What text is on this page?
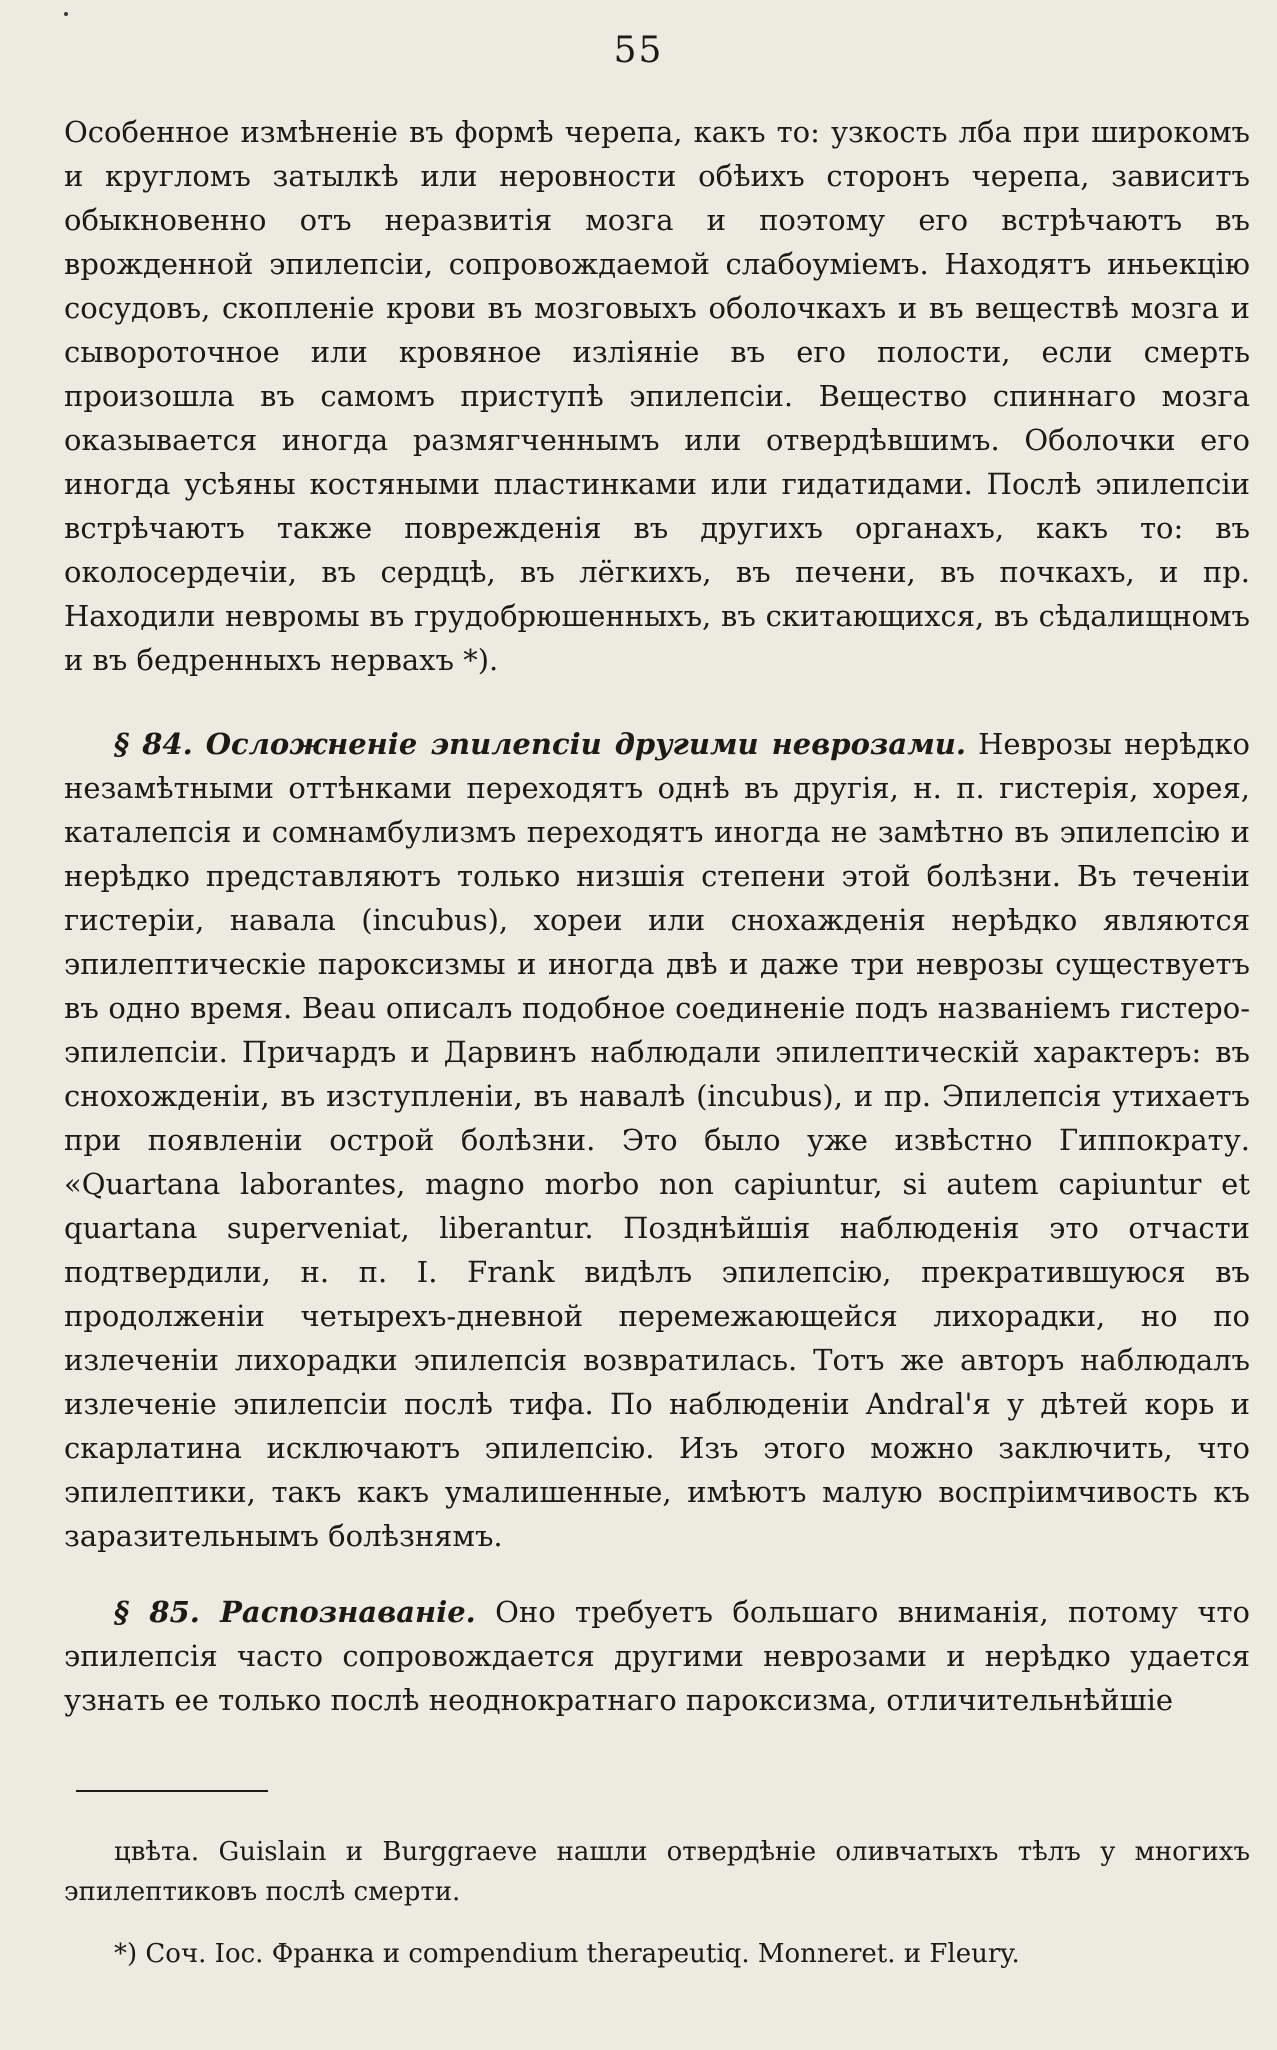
55

Особенное измѣненіе въ формѣ черепа, какъ то: узкость лба при широкомъ и кругломъ затылкѣ или неровности обѣихъ сторонъ черепа, зависитъ обыкновенно отъ неразвитія мозга и поэтому его встрѣчаютъ въ врожденной эпилепсіи, сопровождаемой слабоуміемъ. Находятъ иньекцію сосудовъ, скопленіе крови въ мозговыхъ оболочкахъ и въ веществѣ мозга и сывороточное или кровяное изліяніе въ его полости, если смерть произошла въ самомъ приступѣ эпилепсіи. Вещество спиннаго мозга оказывается иногда размягченнымъ или отвердѣвшимъ. Оболочки его иногда усѣяны костяными пластинками или гидатидами. Послѣ эпилепсіи встрѣчаютъ также поврежденія въ другихъ органахъ, какъ то: въ околосердечіи, въ сердцѣ, въ лёгкихъ, въ печени, въ почкахъ, и пр. Находили невромы въ грудобрюшенныхъ, въ скитающихся, въ сѣдалищномъ и въ бедренныхъ нервахъ *).

§ 84. Осложненіе эпилепсіи другими неврозами. Неврозы нерѣдко незамѣтными оттѣнками переходятъ однѣ въ другія, н. п. гистерія, хорея, каталепсія и сомнамбулизмъ переходятъ иногда не замѣтно въ эпилепсію и нерѣдко представляютъ только низшія степени этой болѣзни. Въ теченіи гистеріи, навала (incubus), хореи или снохажденія нерѣдко являются эпилептическіе пароксизмы и иногда двѣ и даже три неврозы существуетъ въ одно время. Веаu описалъ подобное соединеніе подъ названіемъ гистеро-эпилепсіи. Причардъ и Дарвинъ наблюдали эпилептическій характеръ: въ снохожденіи, въ изступленіи, въ навалѣ (incubus), и пр. Эпилепсія утихаетъ при появленіи острой болѣзни. Это было уже извѣстно Гиппократу. «Quartana laborantes, magno morbo non capiuntur, si autem capiuntur et quartana superveniat, liberantur. Позднѣйшія наблюденія это отчасти подтвердили, н. п. I. Frank видѣлъ эпилепсію, прекратившуюся въ продолженіи четырехъ-дневной перемежающейся лихорадки, но по излеченіи лихорадки эпилепсія возвратилась. Тотъ же авторъ наблюдалъ излеченіе эпилепсіи послѣ тифа. По наблюденіи Andral'я у дѣтей корь и скарлатина исключаютъ эпилепсію. Изъ этого можно заключить, что эпилептики, такъ какъ умалишенные, имѣютъ малую воспріимчивость къ заразительнымъ болѣзнямъ.

§ 85. Распознаваніе. Оно требуетъ большаго вниманія, потому что эпилепсія часто сопровождается другими неврозами и нерѣдко удается узнать ее только послѣ неоднократнаго пароксизма, отличительнѣйшіе

цвѣта. Guislain и Burggraeve нашли отвердѣніе оливчатыхъ тѣлъ у многихъ эпилептиковъ послѣ смерти.

*) Соч. Іос. Франка и compendium therapeutiq. Monneret. и Fleury.
